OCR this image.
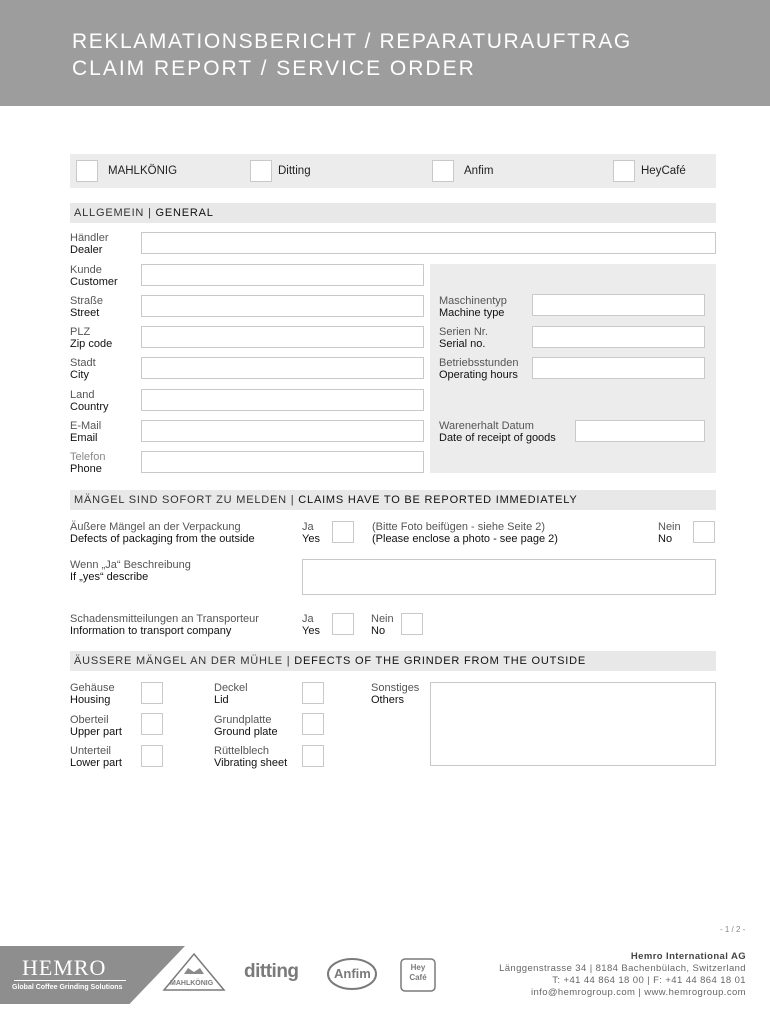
REKLAMATIONSBERICHT / REPARATURAUFTRAG
CLAIM REPORT / SERVICE ORDER
MAHLKÖNIG	Ditting	Anfim	HeyCafé
ALLGEMEIN | GENERAL
Händler
Dealer
Kunde
Customer
Straße
Street
PLZ
Zip code
Stadt
City
Land
Country
E-Mail
Email
Telefon
Phone
Maschinentyp
Machine type
Serien Nr.
Serial no.
Betriebsstunden
Operating hours
Warenerhalt Datum
Date of receipt of goods
MÄNGEL SIND SOFORT ZU MELDEN | CLAIMS HAVE TO BE REPORTED IMMEDIATELY
Äußere Mängel an der Verpackung
Defects of packaging from the outside
Ja
Yes
(Bitte Foto beifügen - siehe Seite 2)
(Please enclose a photo - see page 2)
Nein
No
Wenn „Ja“ Beschreibung
If „yes“ describe
Schadensmitteilungen an Transporteur
Information to transport company
Ja
Yes
Nein
No
ÄUSSERE MÄNGEL AN DER MÜHLE | DEFECTS OF THE GRINDER FROM THE OUTSIDE
Gehäuse
Housing
Oberteil
Upper part
Unterteil
Lower part
Deckel
Lid
Grundplatte
Ground plate
Rüttelblech
Vibrating sheet
Sonstiges
Others
- 1 / 2 -
HEMRO
Global Coffee Grinding Solutions
MAHLKÖNIG
ditting	Anfim	Hey Café
Hemro International AG
Länggenstrasse 34 | 8184 Bachenbülach, Switzerland
T: +41 44 864 18 00 | F: +41 44 864 18 01
info@hemrogroup.com | www.hemrogroup.com
